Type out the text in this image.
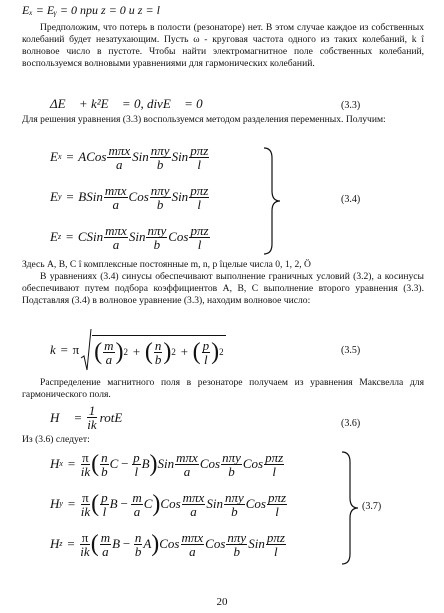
Eₓ = Eᵧ = 0 при z = 0 и z = l
Предположим, что потерь в полости (резонаторе) нет. В этом случае каждое из собственных колебаний будет незатухающим. Пусть ω - круговая частота одного из таких колебаний, k î волновое число в пустоте. Чтобы найти электромагнитное поле собственных колебаний, воспользуемся волновыми уравнениями для гармонических колебаний.
ΔE⃗ + k²E⃗ = 0, divE⃗ = 0	(3.3)
Для решения уравнения (3.3) воспользуемся методом разделения переменных. Получим:
E x = ACos $\frac{\text{mπx}}{a}$ Sin $\frac{\text{nπy}}{b}$ Sin $\frac{\text{pπz}}{l}$
E y = BSin $\frac{\text{mπx}}{a}$ Cos $\frac{\text{nπy}}{b}$ Sin $\frac{\text{pπz}}{l}$
E z = CSin $\frac{\text{mπx}}{a}$ Sin $\frac{\text{nπy}}{b}$ Cos $\frac{\text{pπz}}{l}$
(3.4)
Здесь А, В, С î комплексные постоянные m, n, p îцелые числа 0, 1, 2, Ö
В уравнениях (3.4) синусы обеспечивают выполнение граничных условий (3.2), а косинусы обеспечивают путем подбора коэффициентов А, В, С выполнение второго уравнения (3.3). Подставляя (3.4) в волновое уравнение (3.3), находим волновое число:
k = π ( $\frac{m}{a}$ ) 2 + ( $\frac{n}{b}$ ) 2 + ( $\frac{p}{l}$ ) 2	(3.5)
Распределение магнитного поля в резонаторе получаем из уравнения Максвелла для гармонического поля.
H⃗ = $\frac{1}{ik}$ rotE⃗	(3.6)
Из (3.6) следует:
H $x = \frac{\pi}{ik}$ ( $\frac{n}{b}$ $C - \frac{p}{l}$ B ) Sin $\frac{\text{mπx}}{a}$ Cos $\frac{\text{nπy}}{b}$ Cos $\frac{\text{pπz}}{l}$
H $y = \frac{\pi}{ik}$ ( $\frac{p}{l}$ $B - \frac{m}{a}$ C ) Cos $\frac{\text{mπx}}{a}$ Sin $\frac{\text{nπy}}{b}$ Cos $\frac{\text{pπz}}{l}$
H $z = \frac{\pi}{ik}$ ( $\frac{m}{a}$ $B - \frac{n}{b}$ A ) Cos $\frac{\text{mπx}}{a}$ Cos $\frac{\text{nπy}}{b}$ Sin $\frac{\text{pπz}}{l}$
(3.7)
20
